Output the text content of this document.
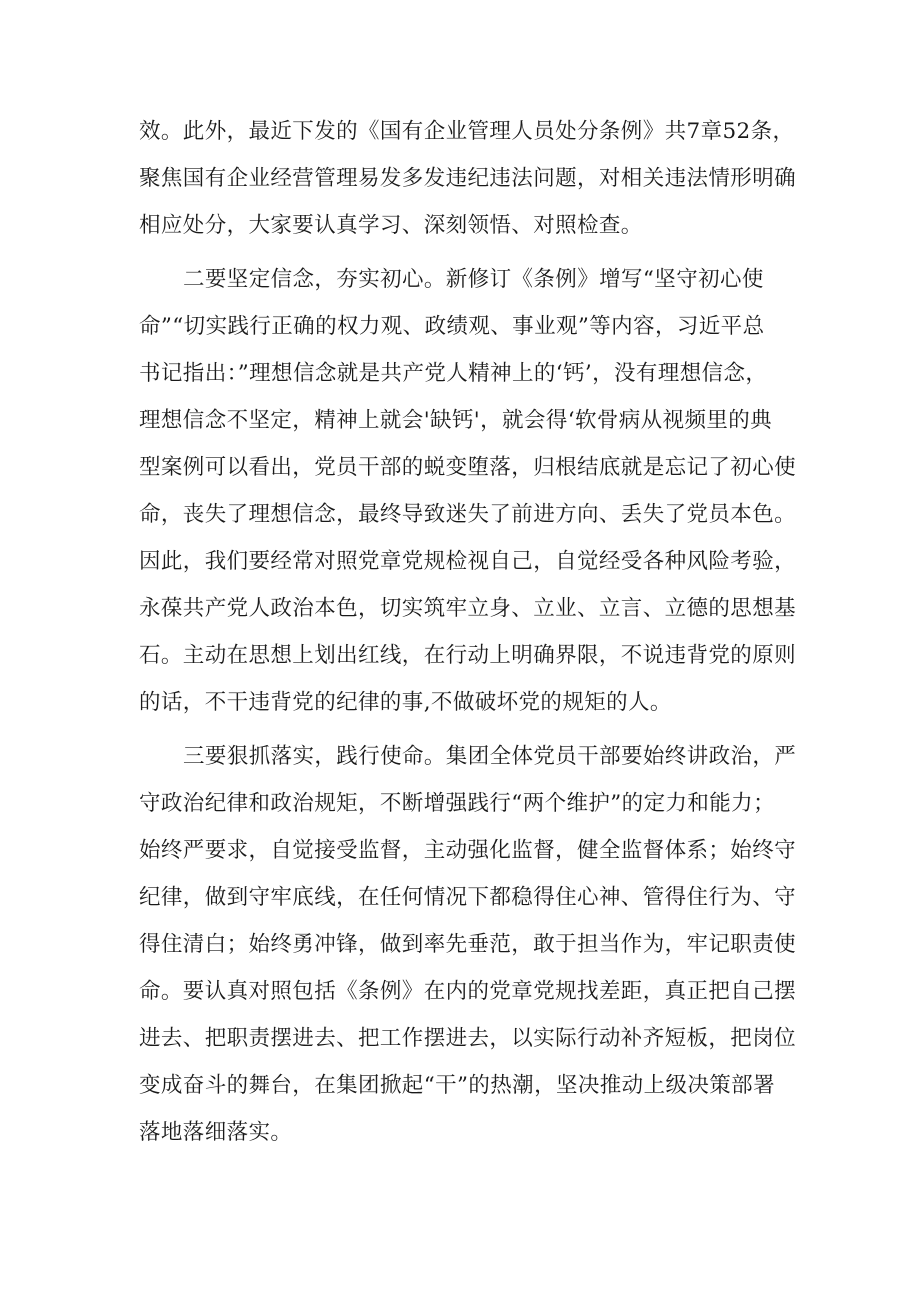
效。此外，最近下发的《国有企业管理人员处分条例》共7章52条，
聚焦国有企业经营管理易发多发违纪违法问题，对相关违法情形明确
相应处分，大家要认真学习、深刻领悟、对照检查。
二要坚定信念，夯实初心。新修订《条例》增写“坚守初心使
命”“切实践行正确的权力观、政绩观、事业观”等内容，习近平总
书记指出：”理想信念就是共产党人精神上的‘钙’，没有理想信念，
理想信念不坚定，精神上就会'缺钙'，就会得‘软骨病从视频里的典
型案例可以看出，党员干部的蜕变堕落，归根结底就是忘记了初心使
命，丧失了理想信念，最终导致迷失了前进方向、丢失了党员本色。
因此，我们要经常对照党章党规检视自己，自觉经受各种风险考验，
永葆共产党人政治本色，切实筑牢立身、立业、立言、立德的思想基
石。主动在思想上划出红线，在行动上明确界限，不说违背党的原则
的话，不干违背党的纪律的事,不做破坏党的规矩的人。
三要狠抓落实，践行使命。集团全体党员干部要始终讲政治，严
守政治纪律和政治规矩，不断增强践行“两个维护”的定力和能力；
始终严要求，自觉接受监督，主动强化监督，健全监督体系；始终守
纪律，做到守牢底线，在任何情况下都稳得住心神、管得住行为、守
得住清白；始终勇冲锋，做到率先垂范，敢于担当作为，牢记职责使
命。要认真对照包括《条例》在内的党章党规找差距，真正把自己摆
进去、把职责摆进去、把工作摆进去，以实际行动补齐短板，把岗位
变成奋斗的舞台，在集团掀起“干”的热潮，坚决推动上级决策部署
落地落细落实。
